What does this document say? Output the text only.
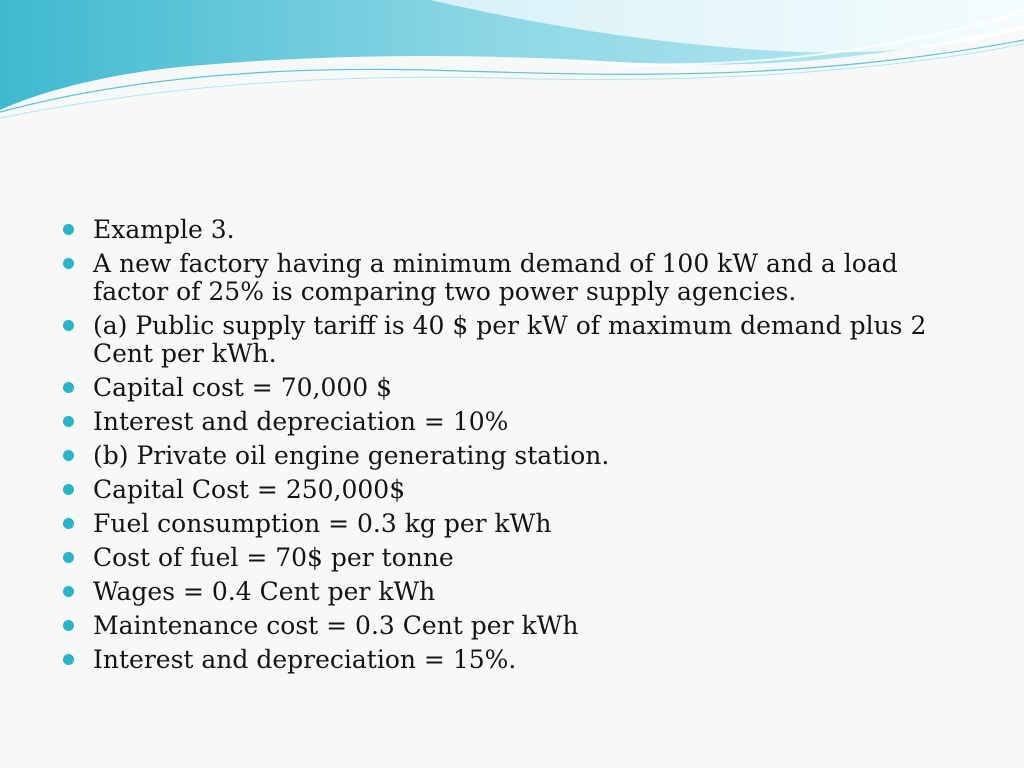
Example 3.
A new factory having a minimum demand of 100 kW and a load factor of 25% is comparing two power supply agencies.
(a) Public supply tariff is 40 $ per kW of maximum demand plus 2 Cent per kWh.
Capital cost = 70,000 $
Interest and depreciation = 10%
(b) Private oil engine generating station.
Capital Cost = 250,000$
Fuel consumption = 0.3 kg per kWh
Cost of fuel = 70$ per tonne
Wages = 0.4 Cent per kWh
Maintenance cost = 0.3 Cent per kWh
Interest and depreciation = 15%.
